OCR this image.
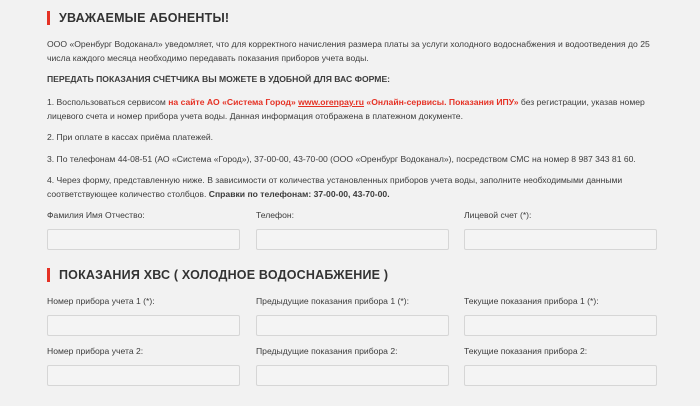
УВАЖАЕМЫЕ АБОНЕНТЫ!

ООО «Оренбург Водоканал» уведомляет, что для корректного начисления размера платы за услуги холодного водоснабжения и водоотведения до 25 числа каждого месяца необходимо передавать показания приборов учета воды.

ПЕРЕДАТЬ ПОКАЗАНИЯ СЧЁТЧИКА ВЫ МОЖЕТЕ В УДОБНОЙ ДЛЯ ВАС ФОРМЕ:

1. Воспользоваться сервисом на сайте АО «Система Город» www.orenpay.ru «Онлайн-сервисы. Показания ИПУ» без регистрации, указав номер лицевого счета и номер прибора учета воды. Данная информация отображена в платежном документе.

2. При оплате в кассах приёма платежей.

3. По телефонам 44-08-51 (АО «Система «Город»), 37-00-00, 43-70-00 (ООО «Оренбург Водоканал»), посредством СМС на номер 8 987 343 81 60.

4. Через форму, представленную ниже. В зависимости от количества установленных приборов учета воды, заполните необходимыми данными соответствующее количество столбцов. Справки по телефонам: 37-00-00, 43-70-00.

Фамилия Имя Отчество:	Телефон:	Лицевой счет (*):
ПОКАЗАНИЯ ХВС ( ХОЛОДНОЕ ВОДОСНАБЖЕНИЕ )
Номер прибора учета 1 (*):	Предыдущие показания прибора 1 (*):	Текущие показания прибора 1 (*):
Номер прибора учета 2:	Предыдущие показания прибора 2:	Текущие показания прибора 2:
